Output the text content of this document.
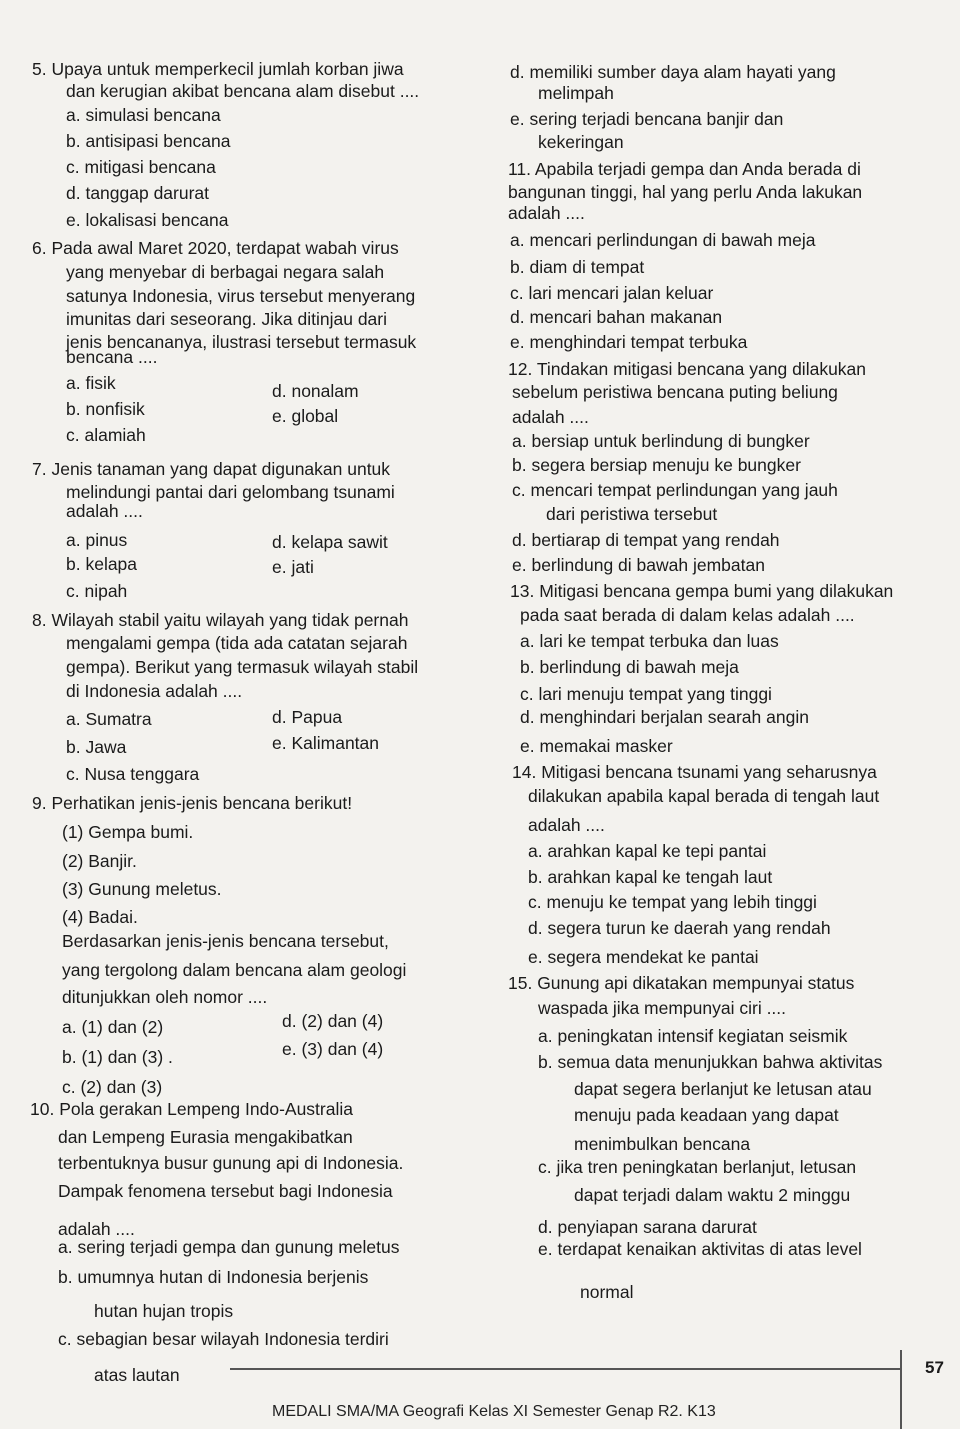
5. Upaya untuk memperkecil jumlah korban jiwa
dan kerugian akibat bencana alam disebut ....
a. simulasi bencana
b. antisipasi bencana
c. mitigasi bencana
d. tanggap darurat
e. lokalisasi bencana
6. Pada awal Maret 2020, terdapat wabah virus
yang menyebar di berbagai negara salah
satunya Indonesia, virus tersebut menyerang
imunitas dari seseorang. Jika ditinjau dari
jenis bencananya, ilustrasi tersebut termasuk
bencana ....
a. fisik	d. nonalam
b. nonfisik	e. global
c. alamiah
7. Jenis tanaman yang dapat digunakan untuk
melindungi pantai dari gelombang tsunami
adalah ....
a. pinus	d. kelapa sawit
b. kelapa	e. jati
c. nipah
8. Wilayah stabil yaitu wilayah yang tidak pernah
mengalami gempa (tida ada catatan sejarah
gempa). Berikut yang termasuk wilayah stabil
di Indonesia adalah ....
a. Sumatra	d. Papua
b. Jawa	e. Kalimantan
c. Nusa tenggara
9. Perhatikan jenis-jenis bencana berikut!
(1) Gempa bumi.
(2) Banjir.
(3) Gunung meletus.
(4) Badai.
Berdasarkan jenis-jenis bencana tersebut,
yang tergolong dalam bencana alam geologi
ditunjukkan oleh nomor ....
a. (1) dan (2)	d. (2) dan (4)
b. (1) dan (3) .	e. (3) dan (4)
c. (2) dan (3)
10. Pola gerakan Lempeng Indo-Australia
dan Lempeng Eurasia mengakibatkan
terbentuknya busur gunung api di Indonesia.
Dampak fenomena tersebut bagi Indonesia
adalah ....
a. sering terjadi gempa dan gunung meletus
b. umumnya hutan di Indonesia berjenis
hutan hujan tropis
c. sebagian besar wilayah Indonesia terdiri
atas lautan
d. memiliki sumber daya alam hayati yang
melimpah
e. sering terjadi bencana banjir dan
kekeringan
11. Apabila terjadi gempa dan Anda berada di
bangunan tinggi, hal yang perlu Anda lakukan
adalah ....
a. mencari perlindungan di bawah meja
b. diam di tempat
c. lari mencari jalan keluar
d. mencari bahan makanan
e. menghindari tempat terbuka
12. Tindakan mitigasi bencana yang dilakukan
sebelum peristiwa bencana puting beliung
adalah ....
a. bersiap untuk berlindung di bungker
b. segera bersiap menuju ke bungker
c. mencari tempat perlindungan yang jauh
dari peristiwa tersebut
d. bertiarap di tempat yang rendah
e. berlindung di bawah jembatan
13. Mitigasi bencana gempa bumi yang dilakukan
pada saat berada di dalam kelas adalah ....
a. lari ke tempat terbuka dan luas
b. berlindung di bawah meja
c. lari menuju tempat yang tinggi
d. menghindari berjalan searah angin
e. memakai masker
14. Mitigasi bencana tsunami yang seharusnya
dilakukan apabila kapal berada di tengah laut
adalah ....
a. arahkan kapal ke tepi pantai
b. arahkan kapal ke tengah laut
c. menuju ke tempat yang lebih tinggi
d. segera turun ke daerah yang rendah
e. segera mendekat ke pantai
15. Gunung api dikatakan mempunyai status
waspada jika mempunyai ciri ....
a. peningkatan intensif kegiatan seismik
b. semua data menunjukkan bahwa aktivitas
dapat segera berlanjut ke letusan atau
menuju pada keadaan yang dapat
menimbulkan bencana
c. jika tren peningkatan berlanjut, letusan
dapat terjadi dalam waktu 2 minggu
d. penyiapan sarana darurat
e. terdapat kenaikan aktivitas di atas level
normal
MEDALI SMA/MA Geografi Kelas XI Semester Genap R2. K13
57
